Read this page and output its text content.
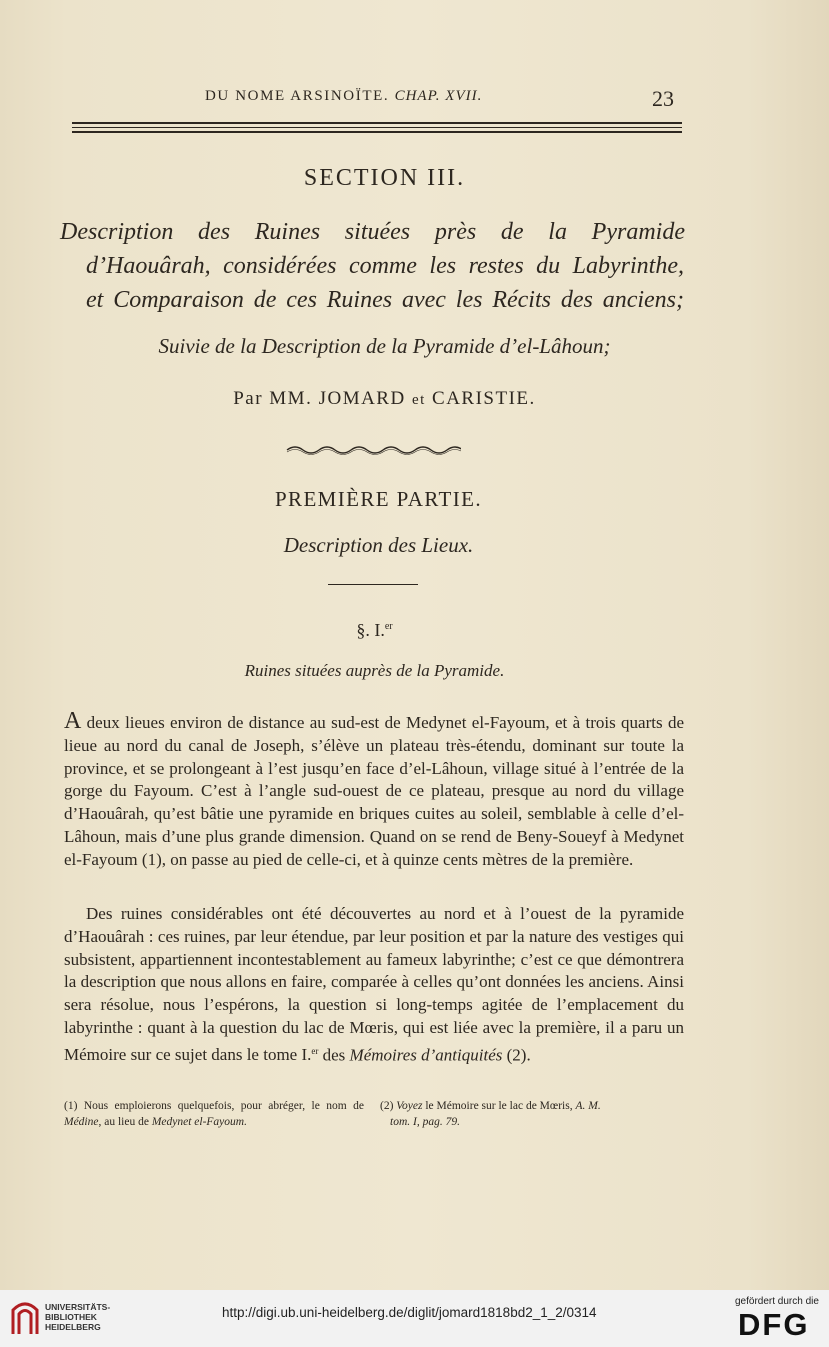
DU NOME ARSINOÏTE. CHAP. XVII.	23
SECTION III.
Description des Ruines situées près de la Pyramide
d’Haouârah, considérées comme les restes du Labyrinthe,
et Comparaison de ces Ruines avec les Récits des anciens;
Suivie de la Description de la Pyramide d’el-Lâhoun;
Par MM. JOMARD et CARISTIE.
PREMIÈRE PARTIE.
Description des Lieux.
§. I.$^{er}$
Ruines situées auprès de la Pyramide.
A deux lieues environ de distance au sud-est de Medynet el-Fayoum, et à trois quarts de lieue au nord du canal de Joseph, s’élève un plateau très-étendu, dominant sur toute la province, et se prolongeant à l’est jusqu’en face d’el-Lâhoun, village situé à l’entrée de la gorge du Fayoum. C’est à l’angle sud-ouest de ce plateau, presque au nord du village d’Haouârah, qu’est bâtie une pyramide en briques cuites au soleil, semblable à celle d’el-Lâhoun, mais d’une plus grande dimension. Quand on se rend de Beny-Soueyf à Medynet el-Fayoum (1), on passe au pied de celle-ci, et à quinze cents mètres de la première.
Des ruines considérables ont été découvertes au nord et à l’ouest de la pyramide d’Haouârah : ces ruines, par leur étendue, par leur position et par la nature des vestiges qui subsistent, appartiennent incontestablement au fameux labyrinthe; c’est ce que démontrera la description que nous allons en faire, comparée à celles qu’ont données les anciens. Ainsi sera résolue, nous l’espérons, la question si long-temps agitée de l’emplacement du labyrinthe : quant à la question du lac de Mœris, qui est liée avec la première, il a paru un Mémoire sur ce sujet dans le tome I.$^{er}$ des Mémoires d’antiquités (2).
(1) Nous emploierons quelquefois, pour abréger, le nom de Médine, au lieu de Medynet el-Fayoum.
(2) Voyez le Mémoire sur le lac de Mœris, A. M.
tom. I, pag. 79.
UNIVERSITÄTS-
BIBLIOTHEK
HEIDELBERG
http://digi.ub.uni-heidelberg.de/diglit/jomard1818bd2_1_2/0314
gefördert durch die
DFG
